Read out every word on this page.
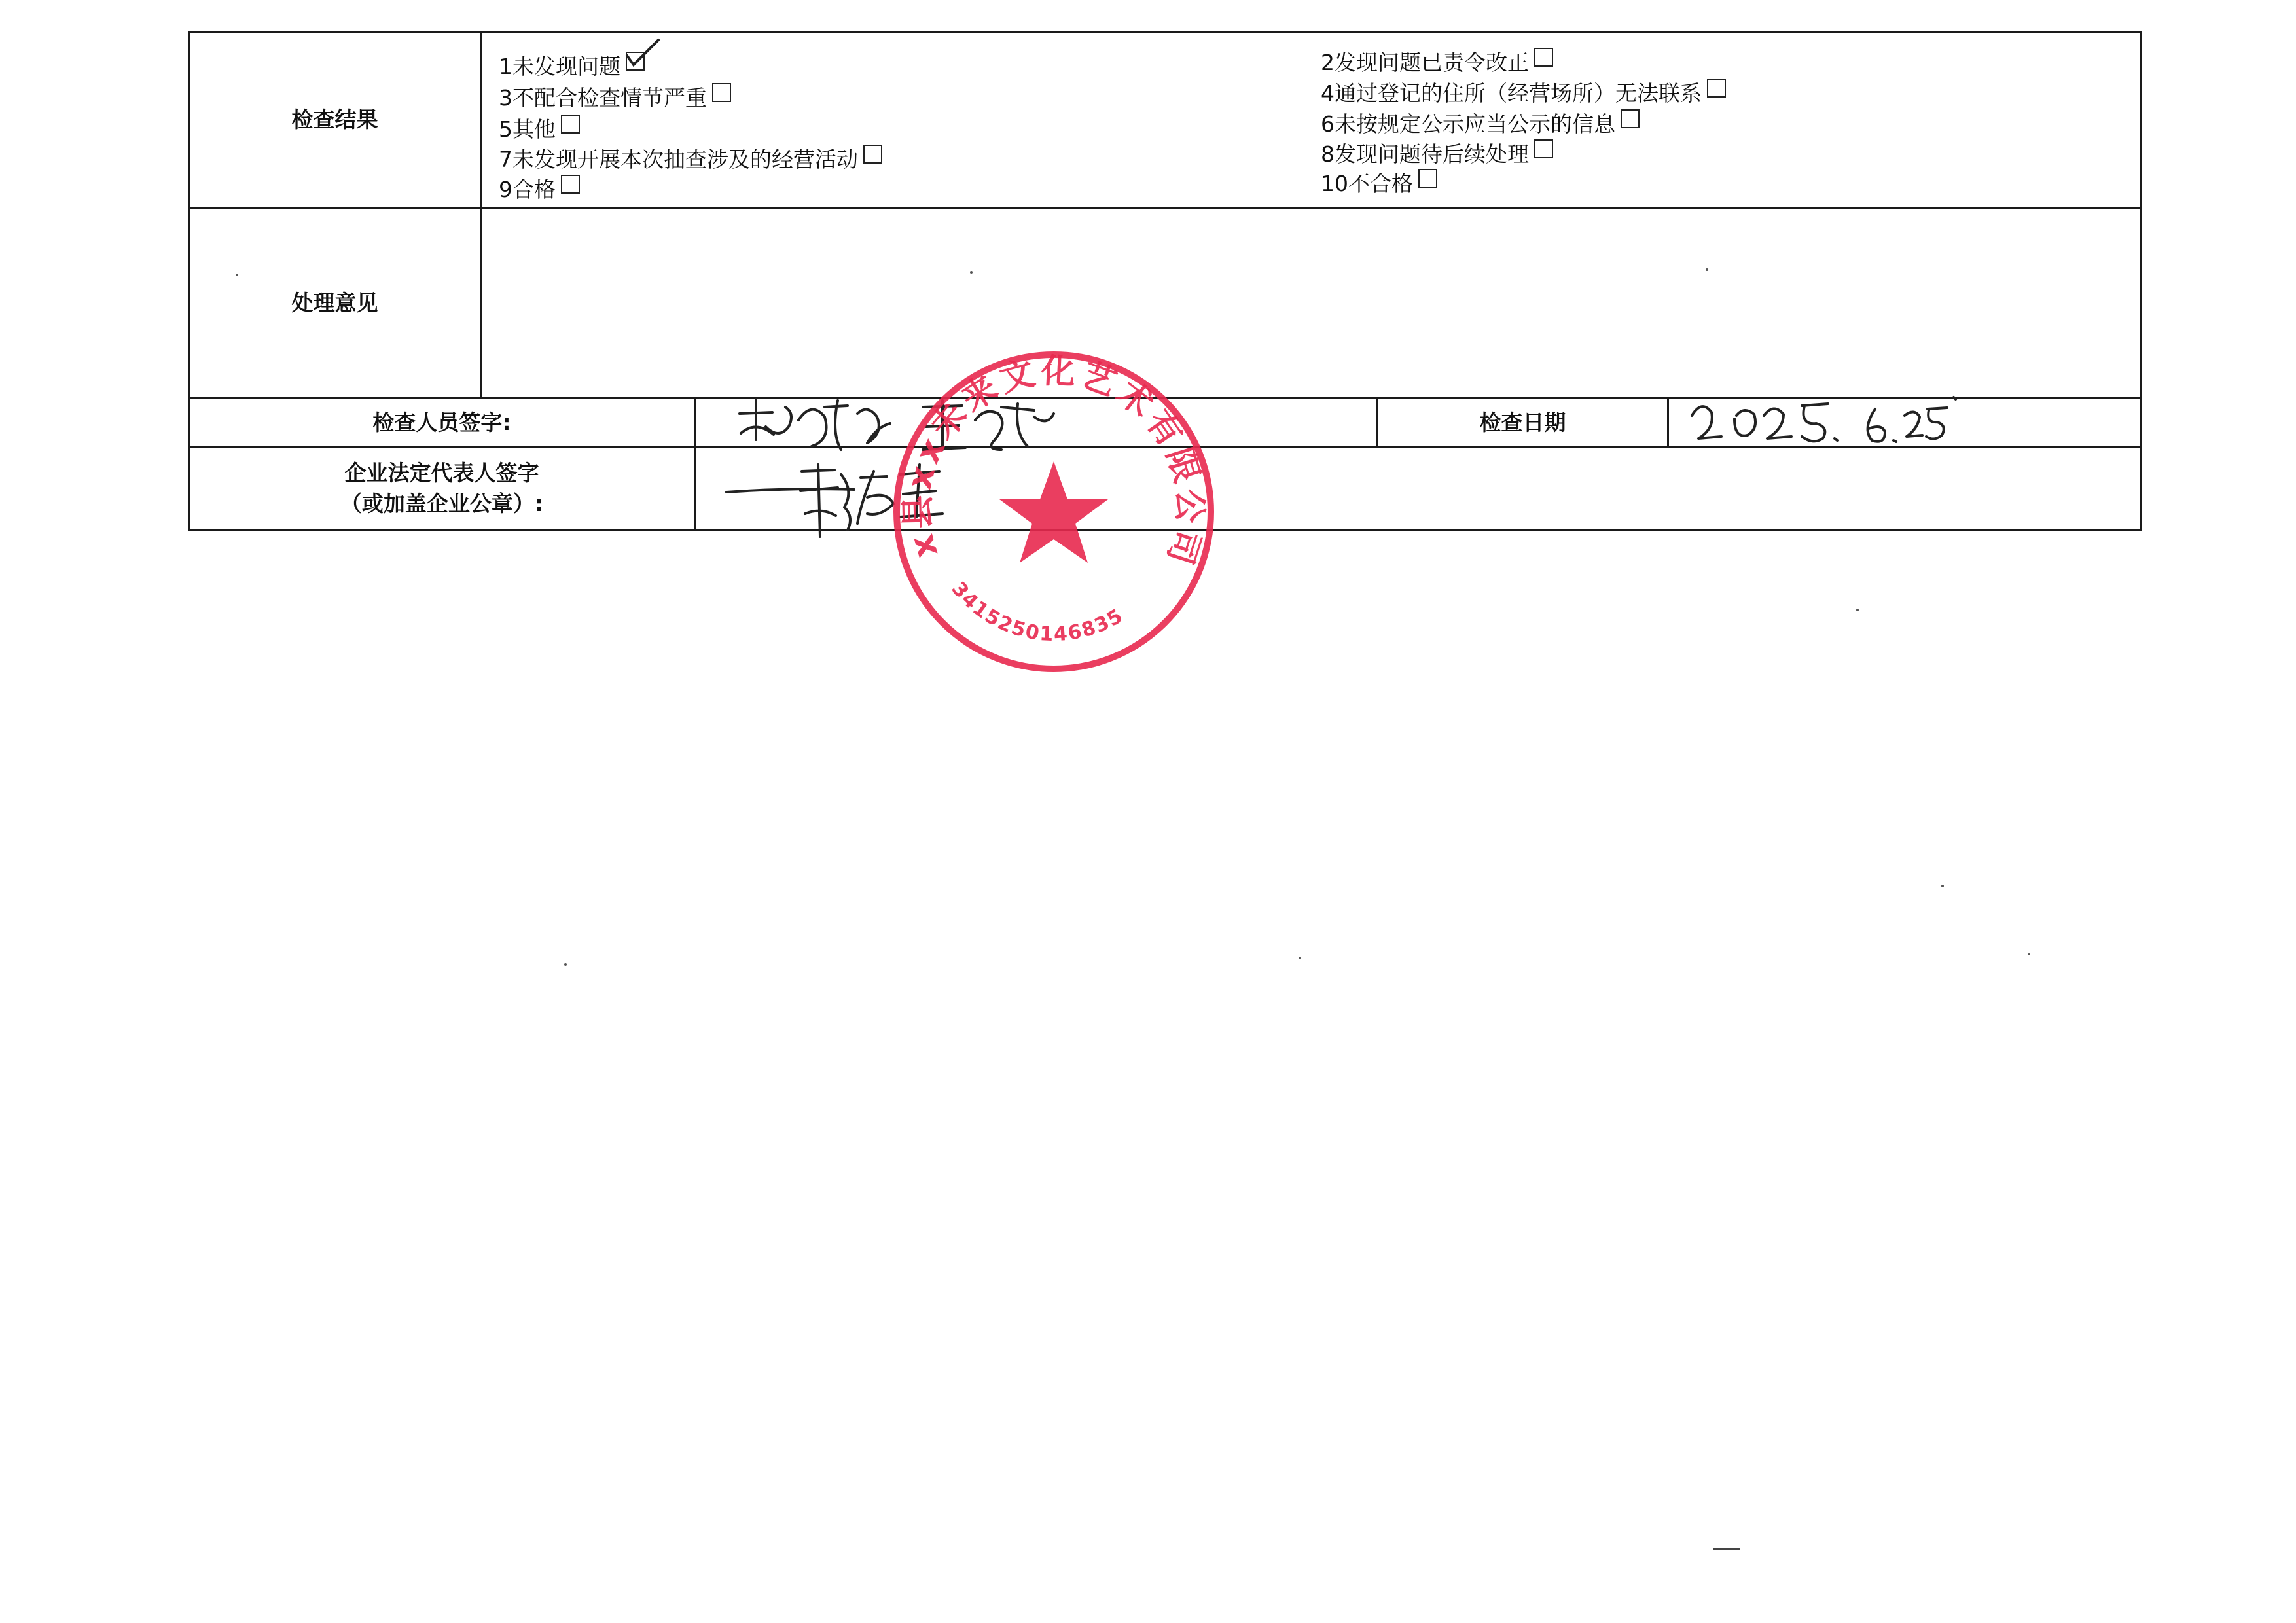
检查结果
处理意见
检查人员签字:	检查日期
企业法定代表人签字
（或加盖企业公章）:
1未发现问题
3不配合检查情节严重
5其他
7未发现开展本次抽查涉及的经营活动
9合格
2发现问题已责令改正
4通过登记的住所（经营场所）无法联系
6未按规定公示应当公示的信息
8发现问题待后续处理
10不合格
x县xx未来文化艺术有限公司
3415250146835
